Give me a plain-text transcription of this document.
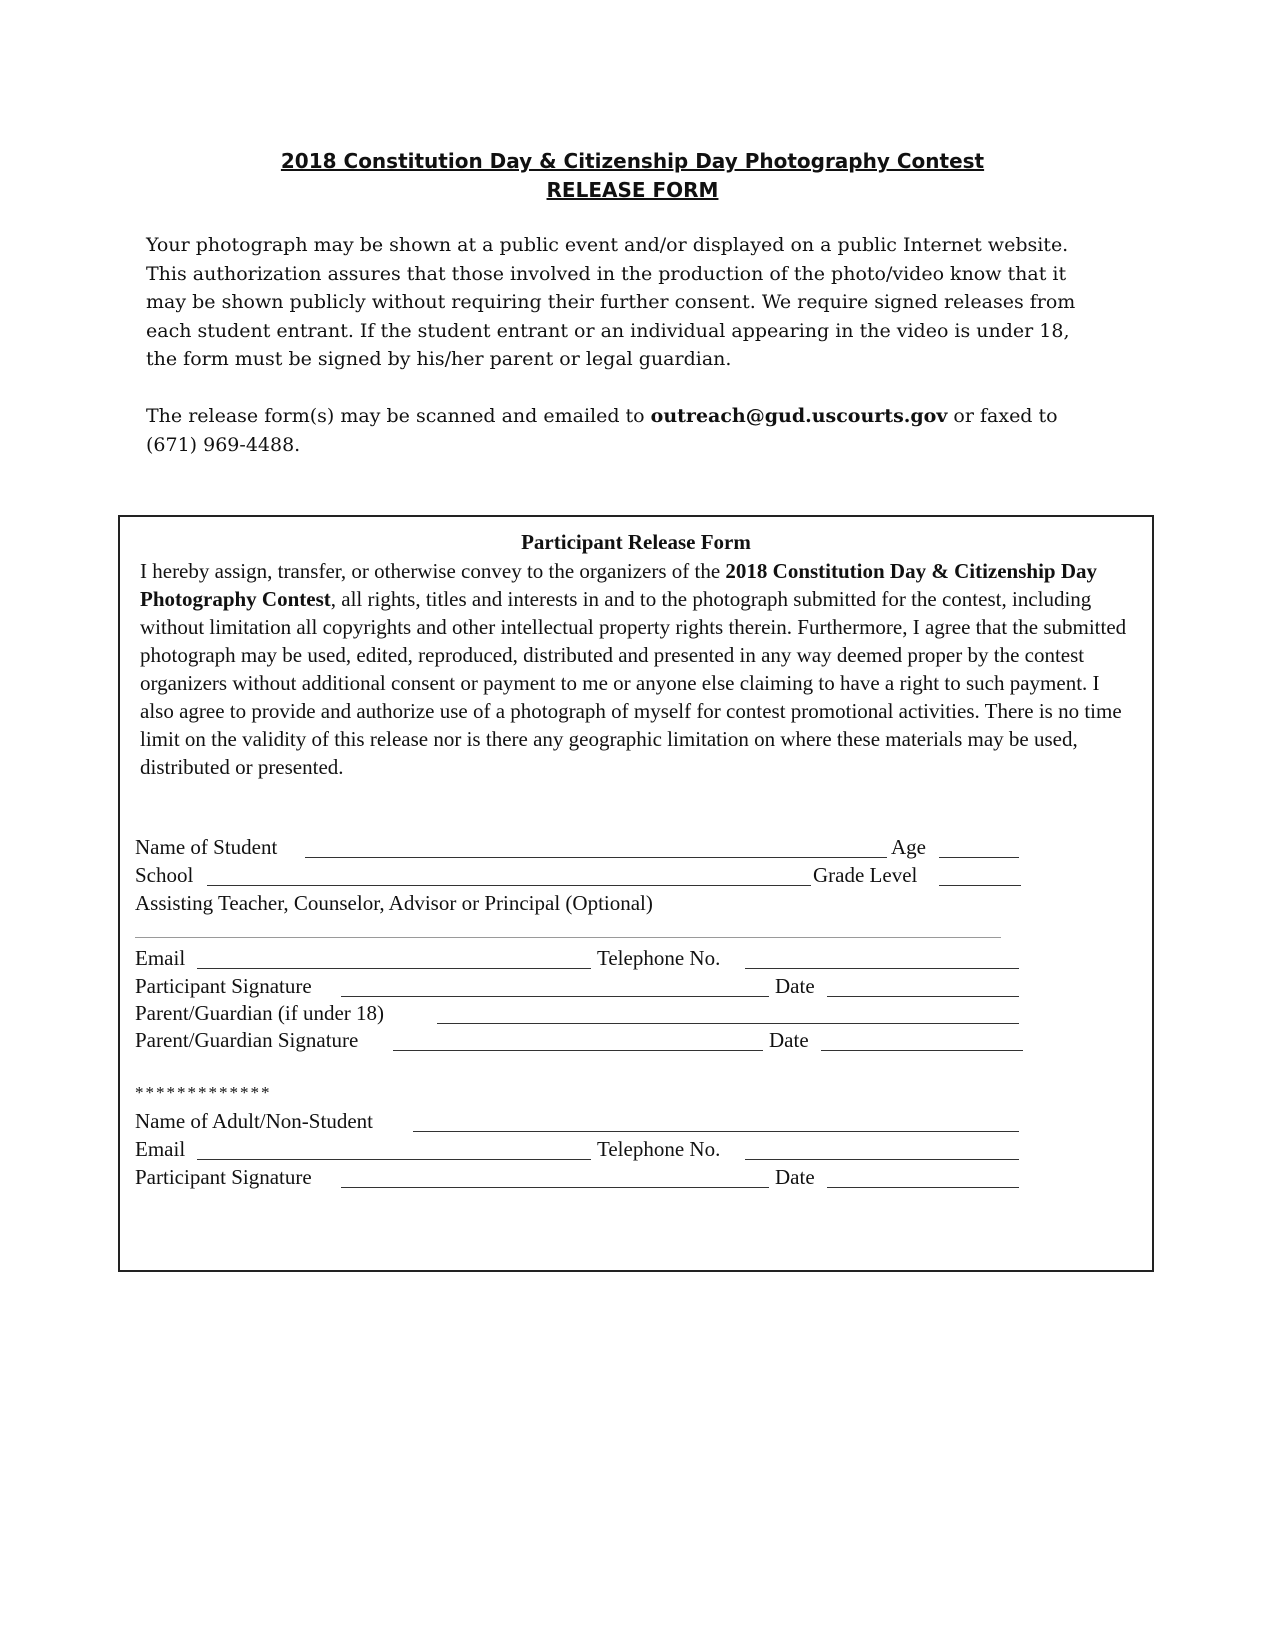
2018 Constitution Day & Citizenship Day Photography Contest
RELEASE FORM

Your photograph may be shown at a public event and/or displayed on a public Internet website. This authorization assures that those involved in the production of the photo/video know that it may be shown publicly without requiring their further consent. We require signed releases from each student entrant. If the student entrant or an individual appearing in the video is under 18, the form must be signed by his/her parent or legal guardian.

The release form(s) may be scanned and emailed to outreach@gud.uscourts.gov or faxed to (671) 969-4488.

Participant Release Form
I hereby assign, transfer, or otherwise convey to the organizers of the 2018 Constitution Day & Citizenship Day Photography Contest, all rights, titles and interests in and to the photograph submitted for the contest, including without limitation all copyrights and other intellectual property rights therein. Furthermore, I agree that the submitted photograph may be used, edited, reproduced, distributed and presented in any way deemed proper by the contest organizers without additional consent or payment to me or anyone else claiming to have a right to such payment. I also agree to provide and authorize use of a photograph of myself for contest promotional activities. There is no time limit on the validity of this release nor is there any geographic limitation on where these materials may be used, distributed or presented.
Name of Student	Age
School	Grade Level
Assisting Teacher, Counselor, Advisor or Principal (Optional)
Email	Telephone No.
Participant Signature	Date
Parent/Guardian (if under 18)
Parent/Guardian Signature	Date
*************
Name of Adult/Non-Student
Email	Telephone No.
Participant Signature	Date
